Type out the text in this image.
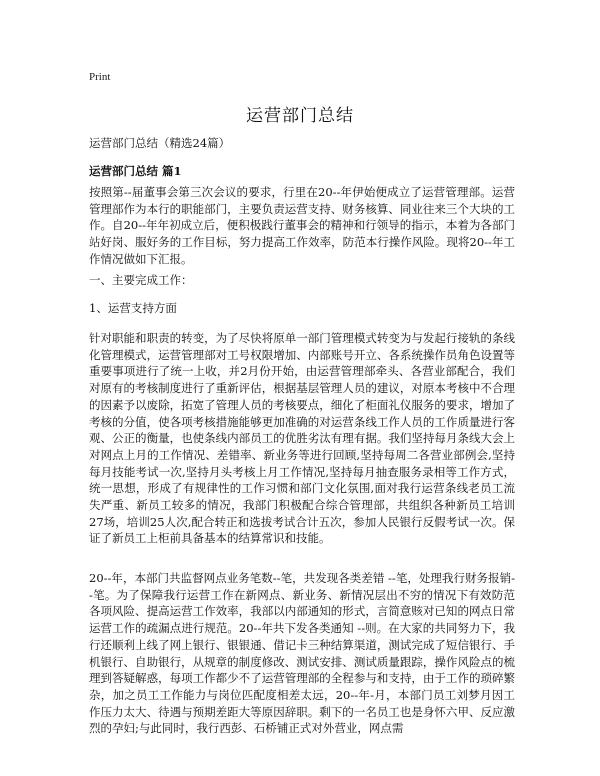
Print
运营部门总结
运营部门总结（精选24篇）
运营部门总结 篇1

按照第--届董事会第三次会议的要求，行里在20--年伊始便成立了运营管理部。运营管理部作为本行的职能部门，主要负责运营支持、财务核算、同业往来三个大块的工作。自20--年年初成立后，便积极践行董事会的精神和行领导的指示，本着为各部门站好岗、服好务的工作目标，努力提高工作效率，防范本行操作风险。现将20--年工作情况做如下汇报。

一、主要完成工作：
1、运营支持方面

针对职能和职责的转变，为了尽快将原单一部门管理模式转变为与发起行接轨的条线化管理模式，运营管理部对工号权限增加、内部账号开立、各系统操作员角色设置等重要事项进行了统一上收，并2月份开始，由运营管理部牵头、各营业部配合，我们对原有的考核制度进行了重新评估，根据基层管理人员的建议，对原本考核中不合理的因素予以废除，拓宽了管理人员的考核要点，细化了柜面礼仪服务的要求，增加了考核的分值，使各项考核措施能够更加准确的对运营条线工作人员的工作质量进行客观、公正的衡量，也使条线内部员工的优胜劣汰有理有据。我们坚持每月条线大会上对网点上月的工作情况、差错率、新业务等进行回顾,坚持每周二各营业部例会,坚持每月技能考试一次,坚持月头考核上月工作情况,坚持每月抽查服务录相等工作方式，统一思想，形成了有规律性的工作习惯和部门文化氛围,面对我行运营条线老员工流失严重、新员工较多的情况，我部门积极配合综合管理部，共组织各种新员工培训27场，培训25人次,配合转正和选拔考试合计五次，参加人民银行反假考试一次。保证了新员工上柜前具备基本的结算常识和技能。

20--年，本部门共监督网点业务笔数--笔，共发现各类差错 --笔，处理我行财务报销--笔。为了保障我行运营工作在新网点、新业务、新情况层出不穷的情况下有效防范各项风险、提高运营工作效率，我部以内部通知的形式，言简意赅对已知的网点日常运营工作的疏漏点进行规范。20--年共下发各类通知 --则。在大家的共同努力下，我行还顺利上线了网上银行、银银通、借记卡三种结算渠道，测试完成了短信银行、手机银行、自助银行，从规章的制度修改、测试安排、测试质量跟踪，操作风险点的梳理到答疑解惑，每项工作都少不了运营管理部的全程参与和支持，由于工作的琐碎繁杂，加之员工工作能力与岗位匹配度相差太远，20--年-月，本部门员工刘梦月因工作压力太大、待遇与预期差距大等原因辞职。剩下的一名员工也是身怀六甲、反应激烈的孕妇;与此同时，我行西彭、石桥铺正式对外营业，网点需
